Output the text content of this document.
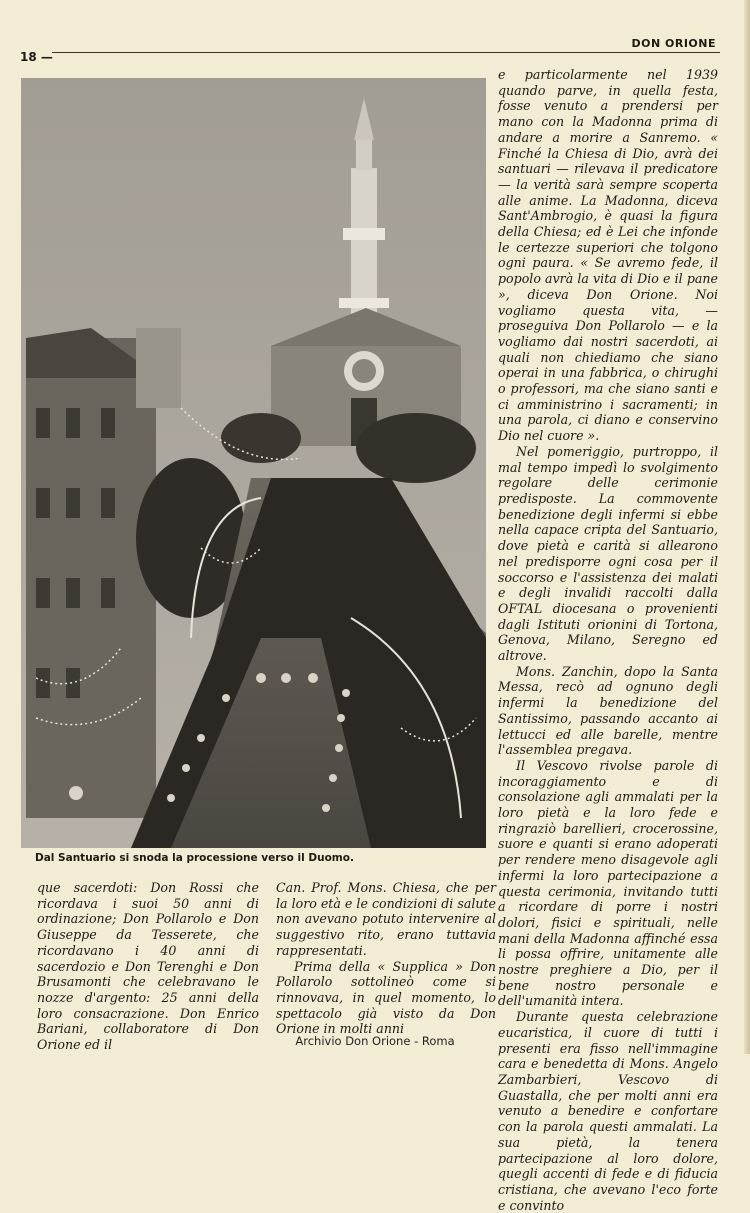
18 —
DON ORIONE
Dal Santuario si snoda la processione verso il Duomo.

e particolarmente nel 1939 quando parve, in quella festa, fosse venuto a prendersi per mano con la Madonna prima di andare a morire a Sanremo. « Finché la Chiesa di Dio, avrà dei santuari — rilevava il predicatore — la verità sarà sempre scoperta alle anime. La Madonna, diceva Sant'Ambrogio, è quasi la figura della Chiesa; ed è Lei che infonde le certezze superiori che tolgono ogni paura. « Se avremo fede, il popolo avrà la vita di Dio e il pane », diceva Don Orione. Noi vogliamo questa vita, — proseguiva Don Pollarolo — e la vogliamo dai nostri sacerdoti, ai quali non chiediamo che siano operai in una fabbrica, o chirughi o professori, ma che siano santi e ci amministrino i sacramenti; in una parola, ci diano e conservino Dio nel cuore ».

Nel pomeriggio, purtroppo, il mal tempo impedì lo svolgimento regolare delle cerimonie predisposte. La commovente benedizione degli infermi si ebbe nella capace cripta del Santuario, dove pietà e carità si allearono nel predisporre ogni cosa per il soccorso e l'assistenza dei malati e degli invalidi raccolti dalla OFTAL diocesana o provenienti dagli Istituti orionini di Tortona, Genova, Milano, Seregno ed altrove.

Mons. Zanchin, dopo la Santa Messa, recò ad ognuno degli infermi la benedizione del Santissimo, passando accanto ai lettucci ed alle barelle, mentre l'assemblea pregava.

Il Vescovo rivolse parole di incoraggiamento e di consolazione agli ammalati per la loro pietà e la loro fede e ringraziò barellieri, crocerossine, suore e quanti si erano adoperati per rendere meno disagevole agli infermi la loro partecipazione a questa cerimonia, invitando tutti a ricordare di porre i nostri dolori, fisici e spirituali, nelle mani della Madonna affinché essa li possa offrire, unitamente alle nostre preghiere a Dio, per il bene nostro personale e dell'umanità intera.

Durante questa celebrazione eucaristica, il cuore di tutti i presenti era fisso nell'immagine cara e benedetta di Mons. Angelo Zambarbieri, Vescovo di Guastalla, che per molti anni era venuto a benedire e confortare con la parola questi ammalati. La sua pietà, la tenera partecipazione al loro dolore, quegli accenti di fede e di fiducia cristiana, che avevano l'eco forte e convinto

que sacerdoti: Don Rossi che ricordava i suoi 50 anni di ordinazione; Don Pollarolo e Don Giuseppe da Tesserete, che ricordavano i 40 anni di sacerdozio e Don Terenghi e Don Brusamonti che celebravano le nozze d'argento: 25 anni della loro consacrazione. Don Enrico Bariani, collaboratore di Don Orione ed il

Can. Prof. Mons. Chiesa, che per la loro età e le condizioni di salute non avevano potuto intervenire al suggestivo rito, erano tuttavia rappresentati.

Prima della « Supplica » Don Pollarolo sottolineò come si rinnovava, in quel momento, lo spettacolo già visto da Don Orione in molti anni

Archivio Don Orione - Roma
